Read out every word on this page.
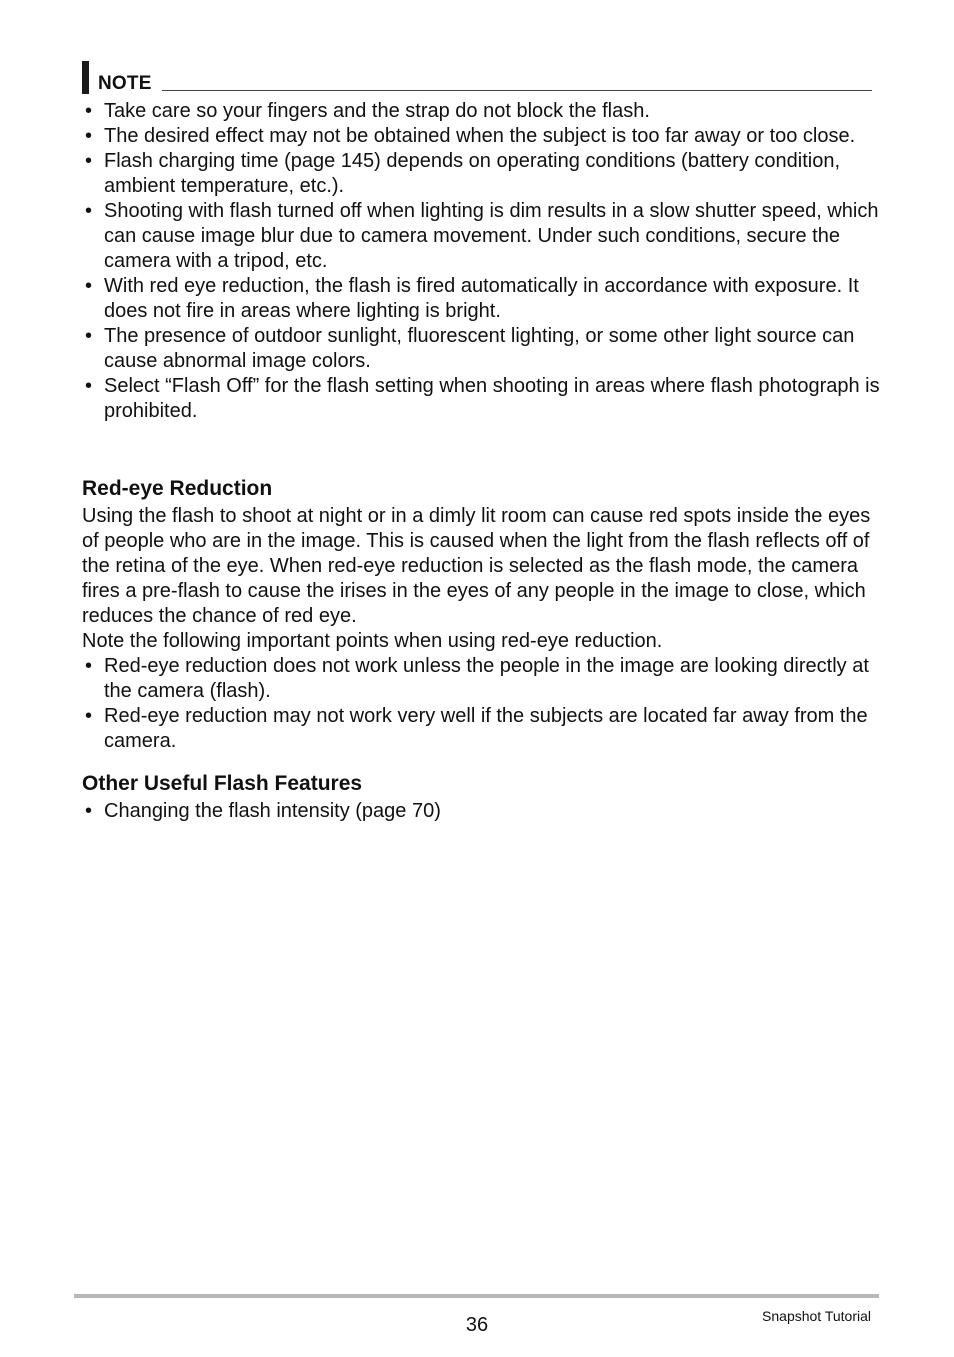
NOTE
• Take care so your fingers and the strap do not block the flash.
• The desired effect may not be obtained when the subject is too far away or too close.
• Flash charging time (page 145) depends on operating conditions (battery condition, ambient temperature, etc.).
• Shooting with flash turned off when lighting is dim results in a slow shutter speed, which can cause image blur due to camera movement. Under such conditions, secure the camera with a tripod, etc.
• With red eye reduction, the flash is fired automatically in accordance with exposure. It does not fire in areas where lighting is bright.
• The presence of outdoor sunlight, fluorescent lighting, or some other light source can cause abnormal image colors.
• Select “Flash Off” for the flash setting when shooting in areas where flash photograph is prohibited.
Red-eye Reduction

Using the flash to shoot at night or in a dimly lit room can cause red spots inside the eyes of people who are in the image. This is caused when the light from the flash reflects off of the retina of the eye. When red-eye reduction is selected as the flash mode, the camera fires a pre-flash to cause the irises in the eyes of any people in the image to close, which reduces the chance of red eye.

Note the following important points when using red-eye reduction.

• Red-eye reduction does not work unless the people in the image are looking directly at the camera (flash).
• Red-eye reduction may not work very well if the subjects are located far away from the camera.
Other Useful Flash Features
• Changing the flash intensity (page 70)
36	Snapshot Tutorial
